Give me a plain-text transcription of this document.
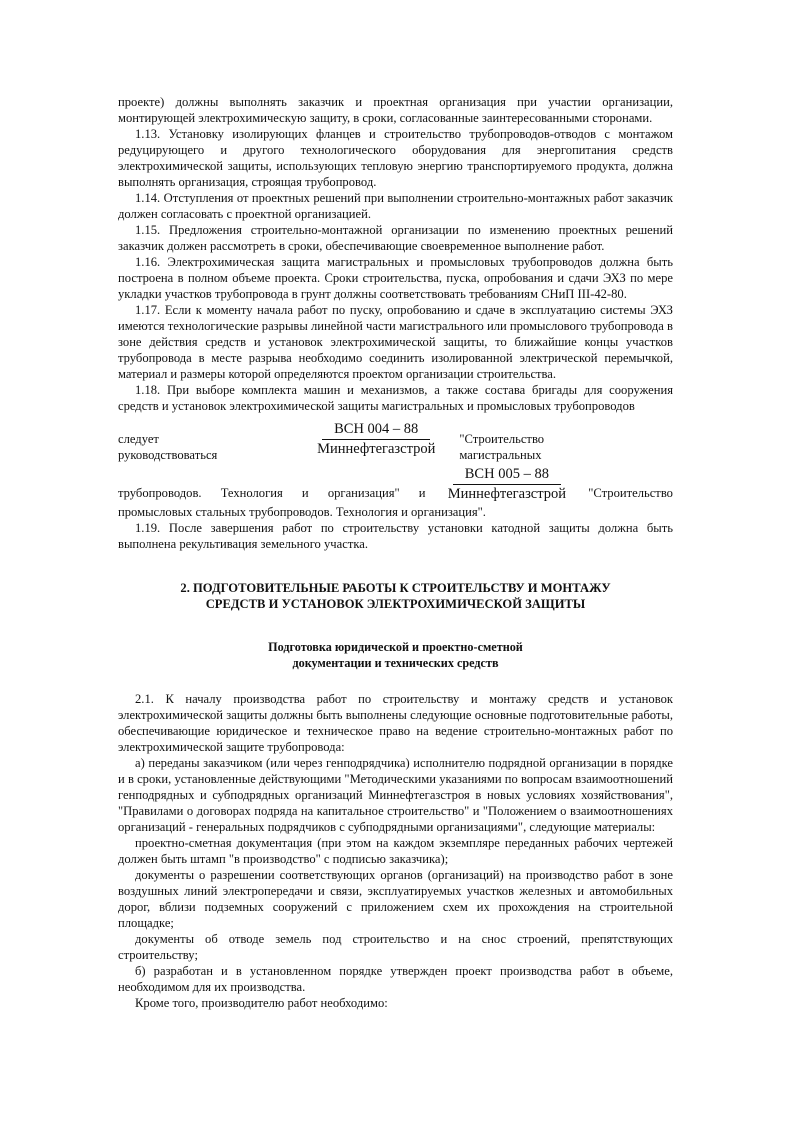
проекте) должны выполнять заказчик и проектная организация при участии организации, монтирующей электрохимическую защиту, в сроки, согласованные заинтересованными сторонами.

1.13. Установку изолирующих фланцев и строительство трубопроводов-отводов с монтажом редуцирующего и другого технологического оборудования для энергопитания средств электрохимической защиты, использующих тепловую энергию транспортируемого продукта, должна выполнять организация, строящая трубопровод.

1.14. Отступления от проектных решений при выполнении строительно-монтажных работ заказчик должен согласовать с проектной организацией.

1.15. Предложения строительно-монтажной организации по изменению проектных решений заказчик должен рассмотреть в сроки, обеспечивающие своевременное выполнение работ.

1.16. Электрохимическая защита магистральных и промысловых трубопроводов должна быть построена в полном объеме проекта. Сроки строительства, пуска, опробования и сдачи ЭХЗ по мере укладки участков трубопровода в грунт должны соответствовать требованиям СНиП III-42-80.

1.17. Если к моменту начала работ по пуску, опробованию и сдаче в эксплуатацию системы ЭХЗ имеются технологические разрывы линейной части магистрального или промыслового трубопровода в зоне действия средств и установок электрохимической защиты, то ближайшие концы участков трубопровода в месте разрыва необходимо соединить изолированной электрической перемычкой, материал и размеры которой определяются проектом организации строительства.

1.18. При выборе комплекта машин и механизмов, а также состава бригады для сооружения средств и установок электрохимической защиты магистральных и промысловых трубопроводов

следует руководствоваться	$\frac{\text{ВСН 004 – 88}}{\text{Миннефтегазстрой}}$ "Строительство магистральных
трубопроводов. Технология и организация" и $\frac{\text{ВСН 005 – 88}}{\text{Миннефтегазстрой}}$ "Строительство

промысловых стальных трубопроводов. Технология и организация".

1.19. После завершения работ по строительству установки катодной защиты должна быть выполнена рекультивация земельного участка.

2. ПОДГОТОВИТЕЛЬНЫЕ РАБОТЫ К СТРОИТЕЛЬСТВУ И МОНТАЖУ
СРЕДСТВ И УСТАНОВОК ЭЛЕКТРОХИМИЧЕСКОЙ ЗАЩИТЫ
Подготовка юридической и проектно-сметной
документации и технических средств

2.1. К началу производства работ по строительству и монтажу средств и установок электрохимической защиты должны быть выполнены следующие основные подготовительные работы, обеспечивающие юридическое и техническое право на ведение строительно-монтажных работ по электрохимической защите трубопровода:

а) переданы заказчиком (или через генподрядчика) исполнителю подрядной организации в порядке и в сроки, установленные действующими "Методическими указаниями по вопросам взаимоотношений генподрядных и субподрядных организаций Миннефтегазстроя в новых условиях хозяйствования", "Правилами о договорах подряда на капитальное строительство" и "Положением о взаимоотношениях организаций - генеральных подрядчиков с субподрядными организациями", следующие материалы:

проектно-сметная документация (при этом на каждом экземпляре переданных рабочих чертежей должен быть штамп "в производство" с подписью заказчика);

документы о разрешении соответствующих органов (организаций) на производство работ в зоне воздушных линий электропередачи и связи, эксплуатируемых участков железных и автомобильных дорог, вблизи подземных сооружений с приложением схем их прохождения на строительной площадке;

документы об отводе земель под строительство и на снос строений, препятствующих строительству;

б) разработан и в установленном порядке утвержден проект производства работ в объеме, необходимом для их производства.

Кроме того, производителю работ необходимо:
